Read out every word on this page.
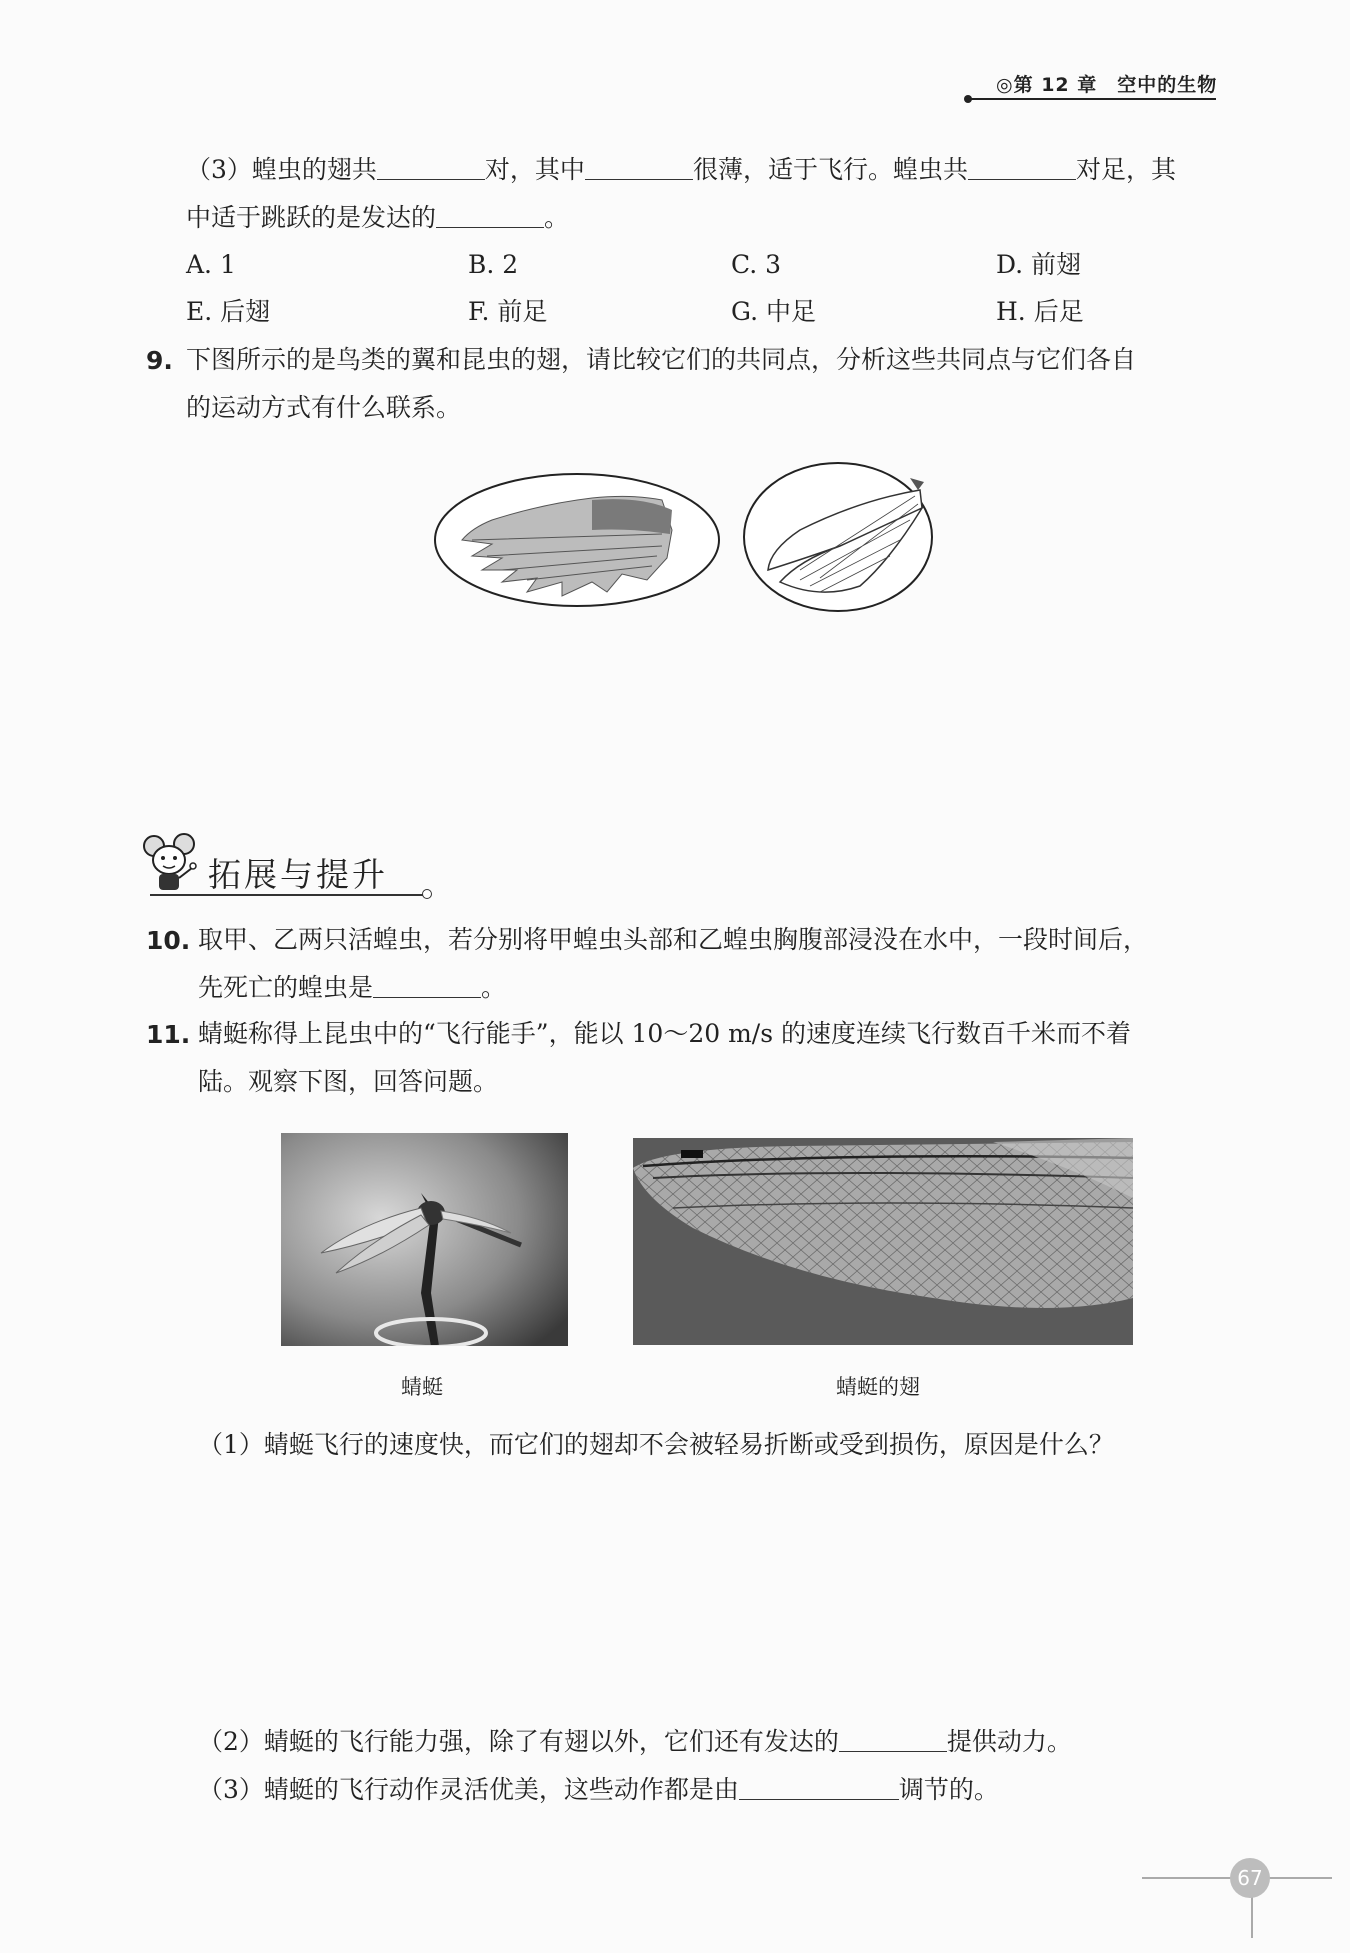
◎第 12 章　空中的生物
（3）蝗虫的翅共	对，其中	很薄，适于飞行。蝗虫共	对足，其
中适于跳跃的是发达的	。
A. 1	B. 2	C. 3	D. 前翅
E. 后翅	F. 前足	G. 中足	H. 后足
9. 下图所示的是鸟类的翼和昆虫的翅，请比较它们的共同点，分析这些共同点与它们各自
的运动方式有什么联系。
拓展与提升
10. 取甲、乙两只活蝗虫，若分别将甲蝗虫头部和乙蝗虫胸腹部浸没在水中，一段时间后，
先死亡的蝗虫是	。
11. 蜻蜓称得上昆虫中的“飞行能手”，能以 10～20 m/s 的速度连续飞行数百千米而不着
陆。观察下图，回答问题。
蜻蜓	蜻蜓的翅
（1）蜻蜓飞行的速度快，而它们的翅却不会被轻易折断或受到损伤，原因是什么？
（2）蜻蜓的飞行能力强，除了有翅以外，它们还有发达的	提供动力。
（3）蜻蜓的飞行动作灵活优美，这些动作都是由	调节的。
67
